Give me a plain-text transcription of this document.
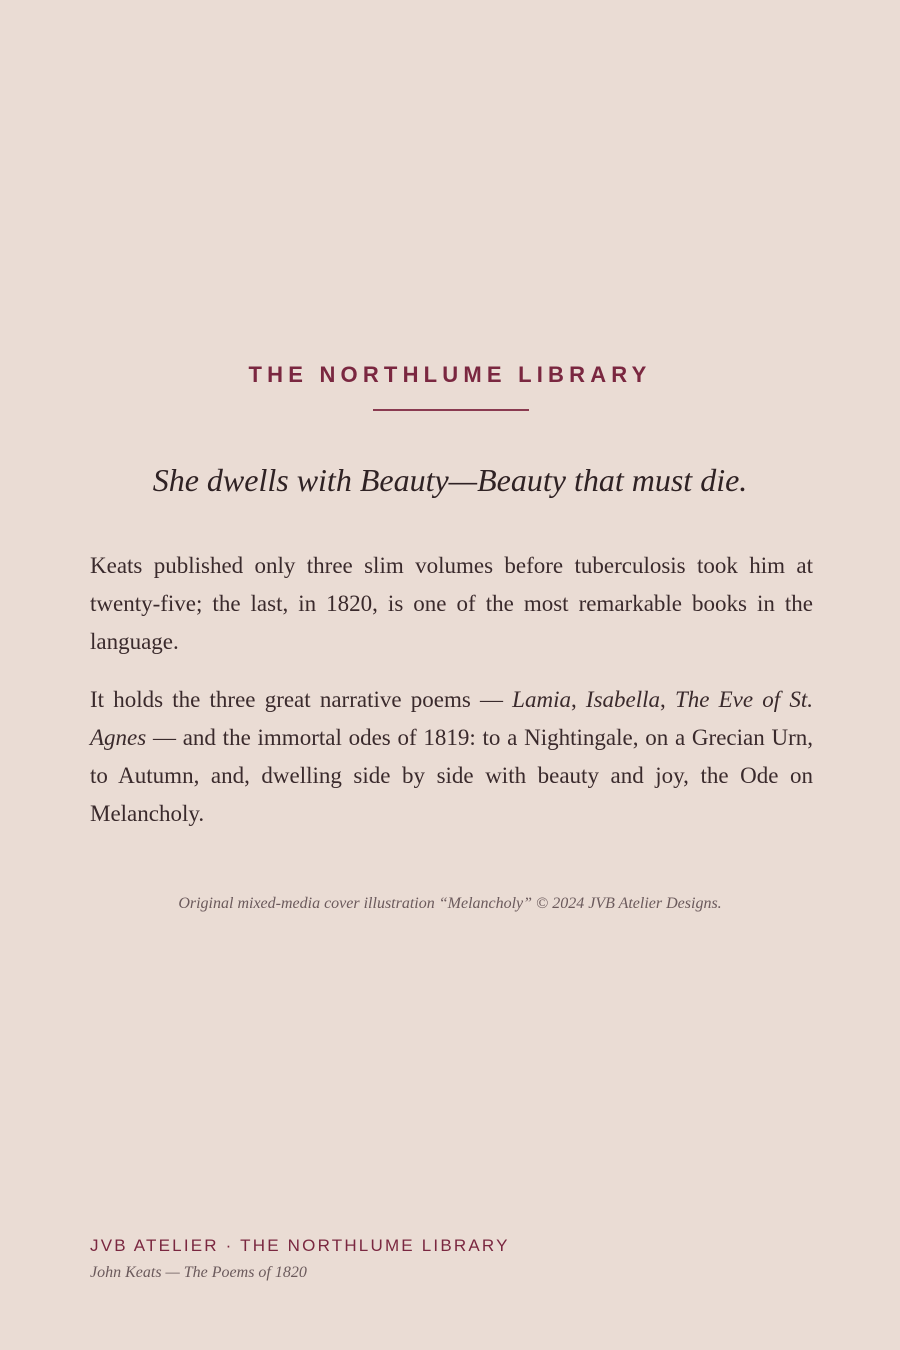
THE NORTHLUME LIBRARY

She dwells with Beauty—Beauty that must die.

Keats published only three slim volumes before tuberculosis took him at twenty-five; the last, in 1820, is one of the most remarkable books in the language.

It holds the three great narrative poems — Lamia, Isabella, The Eve of St. Agnes — and the immortal odes of 1819: to a Nightingale, on a Grecian Urn, to Autumn, and, dwelling side by side with beauty and joy, the Ode on Melancholy.

Original mixed-media cover illustration “Melancholy” © 2024 JVB Atelier Designs.

JVB ATELIER · THE NORTHLUME LIBRARY

John Keats — The Poems of 1820
